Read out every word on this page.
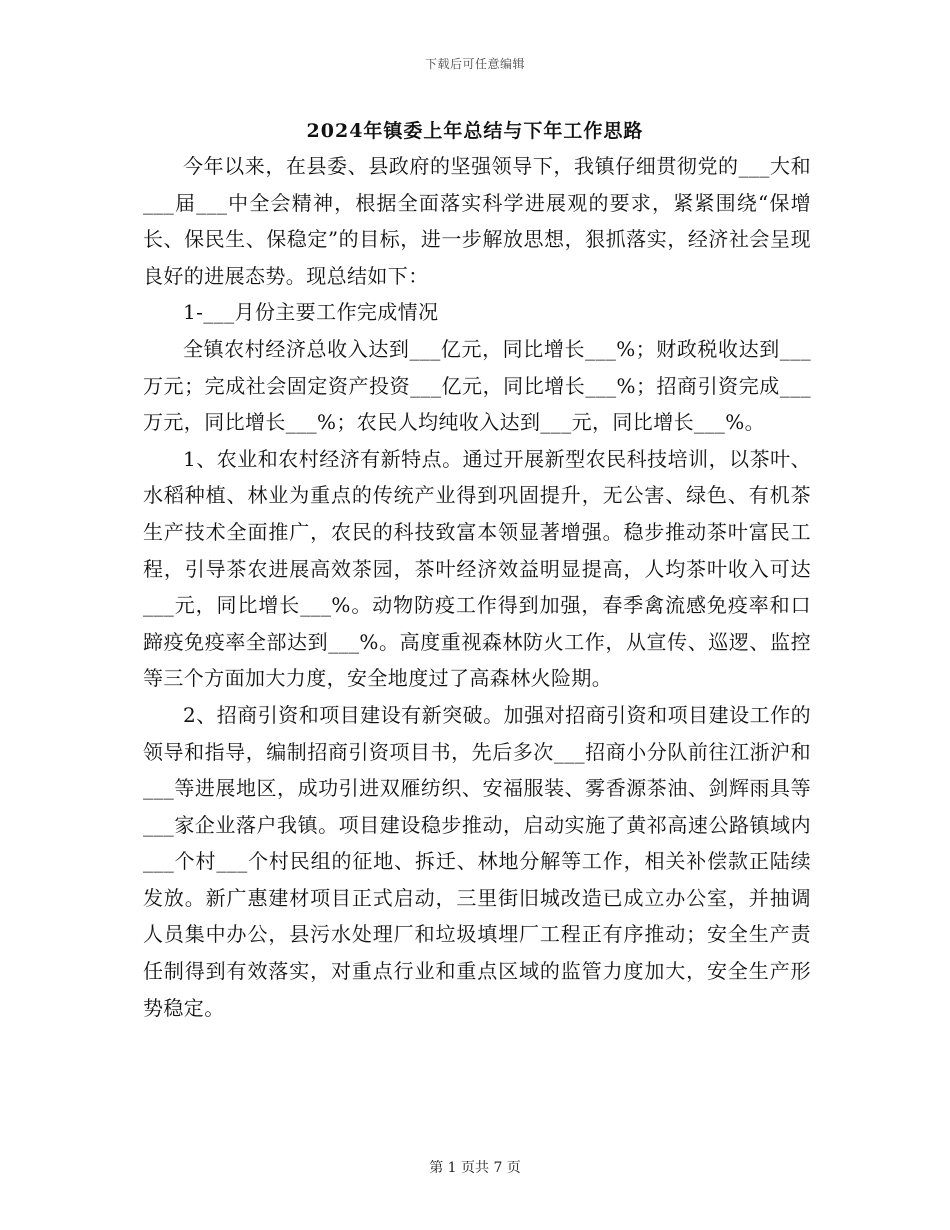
下载后可任意编辑
2024年镇委上年总结与下年工作思路

今年以来，在县委、县政府的坚强领导下，我镇仔细贯彻党的___大和___届___中全会精神，根据全面落实科学进展观的要求，紧紧围绕“保增长、保民生、保稳定”的目标，进一步解放思想，狠抓落实，经济社会呈现良好的进展态势。现总结如下：

1-___月份主要工作完成情况

全镇农村经济总收入达到___亿元，同比增长___%；财政税收达到___万元；完成社会固定资产投资___亿元，同比增长___%；招商引资完成___万元，同比增长___%；农民人均纯收入达到___元，同比增长___%。

1、农业和农村经济有新特点。通过开展新型农民科技培训，以茶叶、水稻种植、林业为重点的传统产业得到巩固提升，无公害、绿色、有机茶生产技术全面推广，农民的科技致富本领显著增强。稳步推动茶叶富民工程，引导茶农进展高效茶园，茶叶经济效益明显提高，人均茶叶收入可达___元，同比增长___%。动物防疫工作得到加强，春季禽流感免疫率和口蹄疫免疫率全部达到___%。高度重视森林防火工作，从宣传、巡逻、监控等三个方面加大力度，安全地度过了高森林火险期。

2、招商引资和项目建设有新突破。加强对招商引资和项目建设工作的领导和指导，编制招商引资项目书，先后多次___招商小分队前往江浙沪和___等进展地区，成功引进双雁纺织、安福服装、雾香源茶油、剑辉雨具等___家企业落户我镇。项目建设稳步推动，启动实施了黄祁高速公路镇域内___个村___个村民组的征地、拆迁、林地分解等工作，相关补偿款正陆续发放。新广惠建材项目正式启动，三里街旧城改造已成立办公室，并抽调人员集中办公，县污水处理厂和垃圾填埋厂工程正有序推动；安全生产责任制得到有效落实，对重点行业和重点区域的监管力度加大，安全生产形势稳定。

第 1 页共 7 页
